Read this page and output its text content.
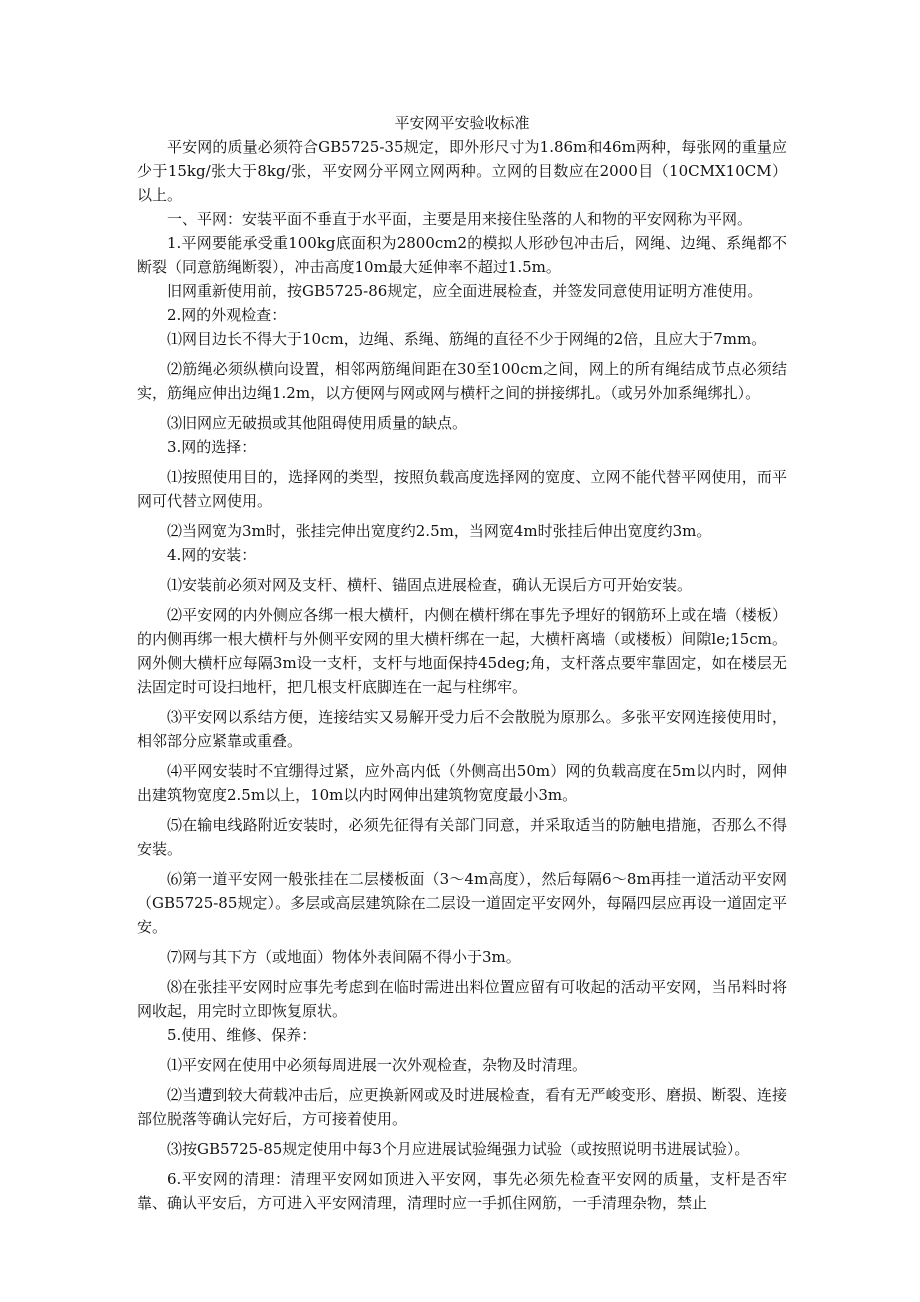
平安网平安验收标准

平安网的质量必须符合GB5725-35规定，即外形尺寸为1.86m和46m两种，每张网的重量应少于15kg/张大于8kg/张，平安网分平网立网两种。立网的目数应在2000目（10CMX10CM）以上。

一、平网：安装平面不垂直于水平面，主要是用来接住坠落的人和物的平安网称为平网。

1.平网要能承受重100kg底面积为2800cm2的模拟人形砂包冲击后，网绳、边绳、系绳都不断裂（同意筋绳断裂），冲击高度10m最大延伸率不超过1.5m。

旧网重新使用前，按GB5725-86规定，应全面进展检查，并签发同意使用证明方准使用。

2.网的外观检查：

⑴网目边长不得大于10cm，边绳、系绳、筋绳的直径不少于网绳的2倍，且应大于7mm。

⑵筋绳必须纵横向设置，相邻两筋绳间距在30至100cm之间，网上的所有绳结成节点必须结实，筋绳应伸出边绳1.2m，以方便网与网或网与横杆之间的拼接绑扎。（或另外加系绳绑扎）。

⑶旧网应无破损或其他阻碍使用质量的缺点。

3.网的选择：

⑴按照使用目的，选择网的类型，按照负载高度选择网的宽度、立网不能代替平网使用，而平网可代替立网使用。

⑵当网宽为3m时，张挂完伸出宽度约2.5m，当网宽4m时张挂后伸出宽度约3m。

4.网的安装：

⑴安装前必须对网及支杆、横杆、锚固点进展检查，确认无误后方可开始安装。

⑵平安网的内外侧应各绑一根大横杆，内侧在横杆绑在事先予埋好的钢筋环上或在墙（楼板）的内侧再绑一根大横杆与外侧平安网的里大横杆绑在一起，大横杆离墙（或楼板）间隙le;15cm。网外侧大横杆应每隔3m设一支杆，支杆与地面保持45deg;角，支杆落点要牢靠固定，如在楼层无法固定时可设扫地杆，把几根支杆底脚连在一起与柱绑牢。

⑶平安网以系结方便，连接结实又易解开受力后不会散脱为原那么。多张平安网连接使用时，相邻部分应紧靠或重叠。

⑷平网安装时不宜绷得过紧，应外高内低（外侧高出50m）网的负载高度在5m以内时，网伸出建筑物宽度2.5m以上，10m以内时网伸出建筑物宽度最小3m。

⑸在输电线路附近安装时，必须先征得有关部门同意，并采取适当的防触电措施，否那么不得安装。

⑹第一道平安网一般张挂在二层楼板面（3～4m高度），然后每隔6～8m再挂一道活动平安网（GB5725-85规定）。多层或高层建筑除在二层设一道固定平安网外，每隔四层应再设一道固定平安。

⑺网与其下方（或地面）物体外表间隔不得小于3m。

⑻在张挂平安网时应事先考虑到在临时需进出料位置应留有可收起的活动平安网，当吊料时将网收起，用完时立即恢复原状。

5.使用、维修、保养：

⑴平安网在使用中必须每周进展一次外观检查，杂物及时清理。

⑵当遭到较大荷载冲击后，应更换新网或及时进展检查，看有无严峻变形、磨损、断裂、连接部位脱落等确认完好后，方可接着使用。

⑶按GB5725-85规定使用中每3个月应进展试验绳强力试验（或按照说明书进展试验）。

6.平安网的清理：清理平安网如顶进入平安网，事先必须先检查平安网的质量，支杆是否牢靠、确认平安后，方可进入平安网清理，清理时应一手抓住网筋，一手清理杂物，禁止
